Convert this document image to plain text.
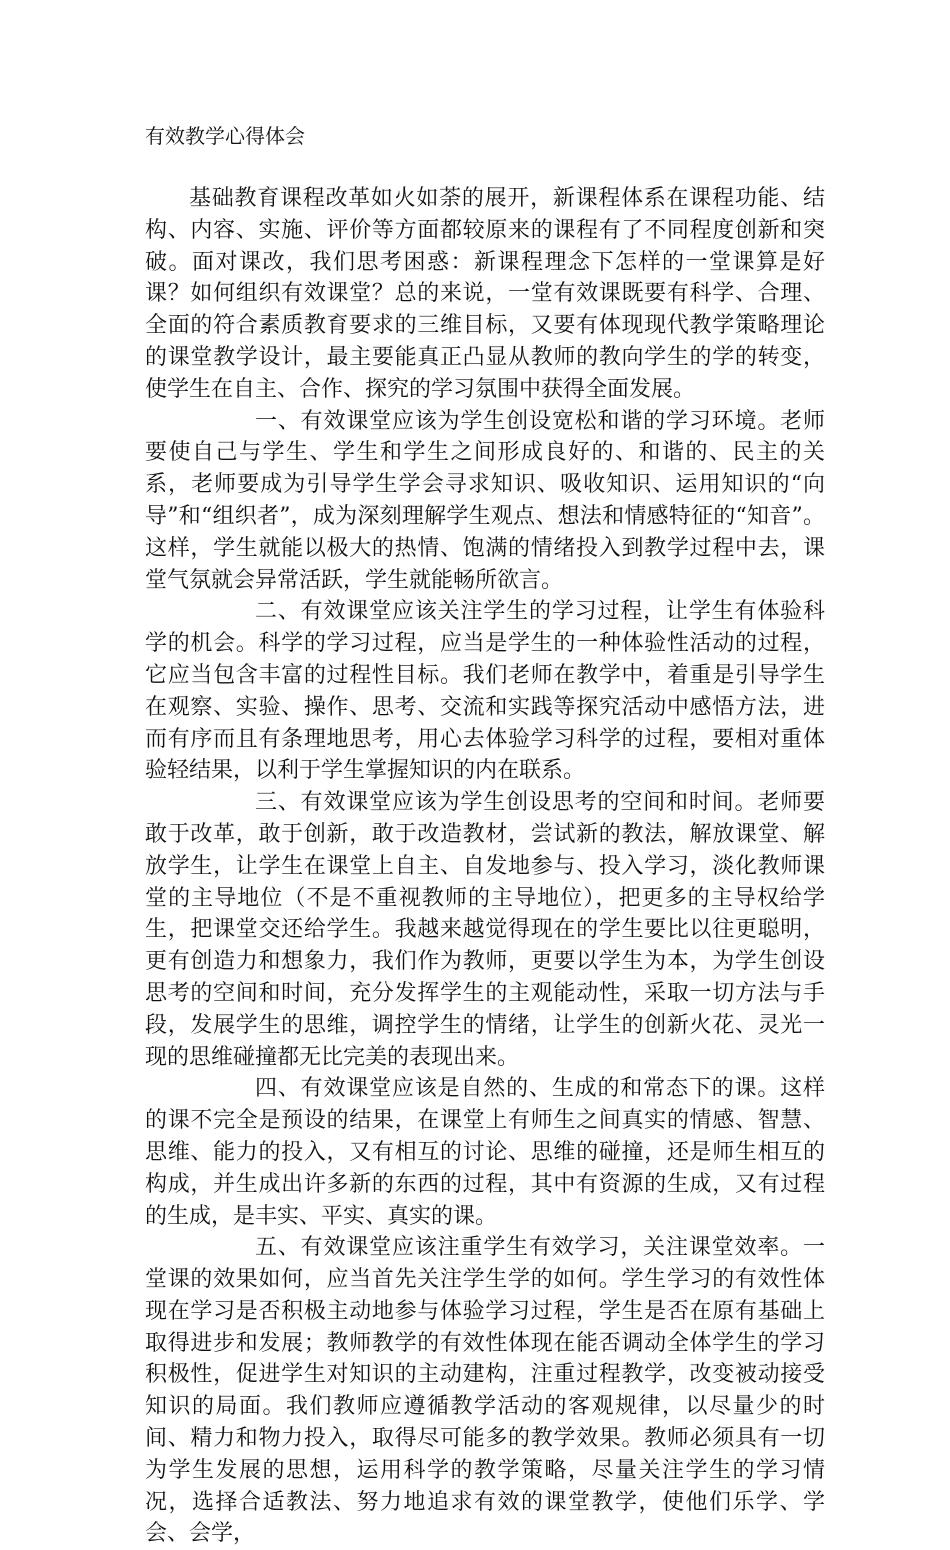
有效教学心得体会

基础教育课程改革如火如荼的展开，新课程体系在课程功能、结构、内容、实施、评价等方面都较原来的课程有了不同程度创新和突破。面对课改，我们思考困惑：新课程理念下怎样的一堂课算是好课？如何组织有效课堂？总的来说，一堂有效课既要有科学、合理、全面的符合素质教育要求的三维目标，又要有体现现代教学策略理论的课堂教学设计，最主要能真正凸显从教师的教向学生的学的转变，使学生在自主、合作、探究的学习氛围中获得全面发展。

一、有效课堂应该为学生创设宽松和谐的学习环境。老师要使自己与学生、学生和学生之间形成良好的、和谐的、民主的关系，老师要成为引导学生学会寻求知识、吸收知识、运用知识的“向导”和“组织者”，成为深刻理解学生观点、想法和情感特征的“知音”。这样，学生就能以极大的热情、饱满的情绪投入到教学过程中去，课堂气氛就会异常活跃，学生就能畅所欲言。

二、有效课堂应该关注学生的学习过程，让学生有体验科学的机会。科学的学习过程，应当是学生的一种体验性活动的过程，它应当包含丰富的过程性目标。我们老师在教学中，着重是引导学生在观察、实验、操作、思考、交流和实践等探究活动中感悟方法，进而有序而且有条理地思考，用心去体验学习科学的过程，要相对重体验轻结果，以利于学生掌握知识的内在联系。

三、有效课堂应该为学生创设思考的空间和时间。老师要敢于改革，敢于创新，敢于改造教材，尝试新的教法，解放课堂、解放学生，让学生在课堂上自主、自发地参与、投入学习，淡化教师课堂的主导地位（不是不重视教师的主导地位），把更多的主导权给学生，把课堂交还给学生。我越来越觉得现在的学生要比以往更聪明，更有创造力和想象力，我们作为教师，更要以学生为本，为学生创设思考的空间和时间，充分发挥学生的主观能动性，采取一切方法与手段，发展学生的思维，调控学生的情绪，让学生的创新火花、灵光一现的思维碰撞都无比完美的表现出来。

四、有效课堂应该是自然的、生成的和常态下的课。这样的课不完全是预设的结果，在课堂上有师生之间真实的情感、智慧、思维、能力的投入，又有相互的讨论、思维的碰撞，还是师生相互的构成，并生成出许多新的东西的过程，其中有资源的生成，又有过程的生成，是丰实、平实、真实的课。

五、有效课堂应该注重学生有效学习，关注课堂效率。一堂课的效果如何，应当首先关注学生学的如何。学生学习的有效性体现在学习是否积极主动地参与体验学习过程，学生是否在原有基础上取得进步和发展；教师教学的有效性体现在能否调动全体学生的学习积极性，促进学生对知识的主动建构，注重过程教学，改变被动接受知识的局面。我们教师应遵循教学活动的客观规律，以尽量少的时间、精力和物力投入，取得尽可能多的教学效果。教师必须具有一切为学生发展的思想，运用科学的教学策略，尽量关注学生的学习情况，选择合适教法、努力地追求有效的课堂教学，使他们乐学、学会、会学，
